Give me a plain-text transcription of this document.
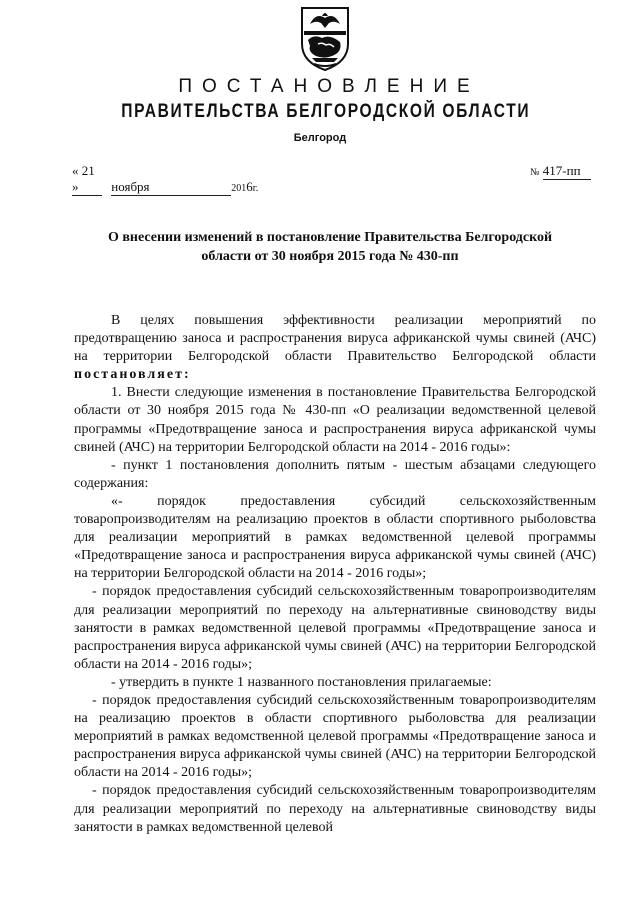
ПОСТАНОВЛЕНИЕ
ПРАВИТЕЛЬСТВА БЕЛГОРОДСКОЙ ОБЛАСТИ
Белгород
« 21 »	ноября	2016г.
№ 417-пп
О внесении изменений в постановление Правительства Белгородской области от 30 ноября 2015 года № 430-пп

В целях повышения эффективности реализации мероприятий по предотвращению заноса и распространения вируса африканской чумы свиней (АЧС) на территории Белгородской области Правительство Белгородской области постановляет:

1. Внести следующие изменения в постановление Правительства Белгородской области от 30 ноября 2015 года № 430-пп «О реализации ведомственной целевой программы «Предотвращение заноса и распространения вируса африканской чумы свиней (АЧС) на территории Белгородской области на 2014 - 2016 годы»:

- пункт 1 постановления дополнить пятым - шестым абзацами следующего содержания:

«- порядок предоставления субсидий сельскохозяйственным товаропроизводителям на реализацию проектов в области спортивного рыболовства для реализации мероприятий в рамках ведомственной целевой программы «Предотвращение заноса и распространения вируса африканской чумы свиней (АЧС) на территории Белгородской области на 2014 - 2016 годы»;

- порядок предоставления субсидий сельскохозяйственным товаропроизводителям для реализации мероприятий по переходу на альтернативные свиноводству виды занятости в рамках ведомственной целевой программы «Предотвращение заноса и распространения вируса африканской чумы свиней (АЧС) на территории Белгородской области на 2014 - 2016 годы»;

- утвердить в пункте 1 названного постановления прилагаемые:

- порядок предоставления субсидий сельскохозяйственным товаропроизводителям на реализацию проектов в области спортивного рыболовства для реализации мероприятий в рамках ведомственной целевой программы «Предотвращение заноса и распространения вируса африканской чумы свиней (АЧС) на территории Белгородской области на 2014 - 2016 годы»;

- порядок предоставления субсидий сельскохозяйственным товаропроизводителям для реализации мероприятий по переходу на альтернативные свиноводству виды занятости в рамках ведомственной целевой
